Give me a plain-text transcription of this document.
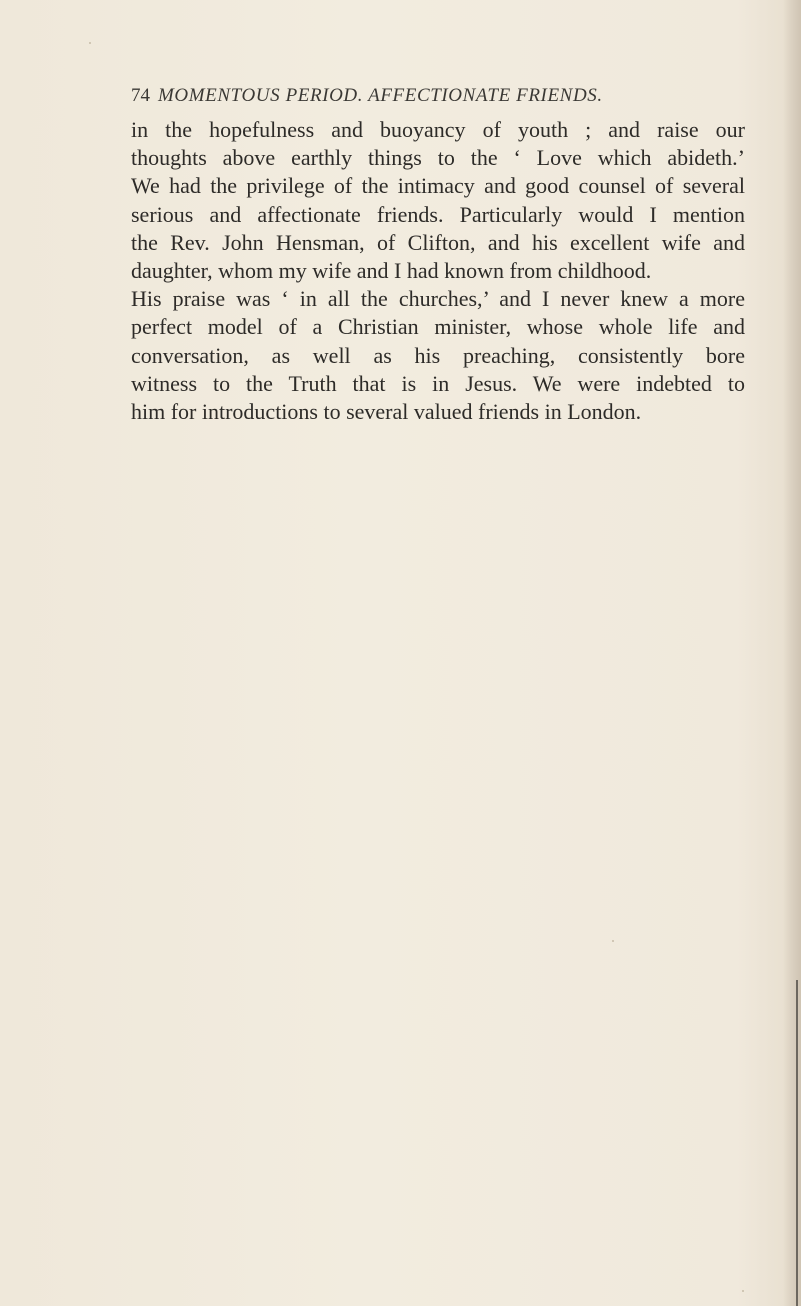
74 MOMENTOUS PERIOD. AFFECTIONATE FRIENDS.
in the hopefulness and buoyancy of youth ; and raise our
thoughts above earthly things to the ‘ Love which abideth.’
We had the privilege of the intimacy and good counsel of several
serious and affectionate friends. Particularly would I mention
the Rev. John Hensman, of Clifton, and his excellent wife and
daughter, whom my wife and I had known from childhood.
His praise was ‘ in all the churches,’ and I never knew a more
perfect model of a Christian minister, whose whole life and
conversation, as well as his preaching, consistently bore
witness to the Truth that is in Jesus. We were indebted to
him for introductions to several valued friends in London.
